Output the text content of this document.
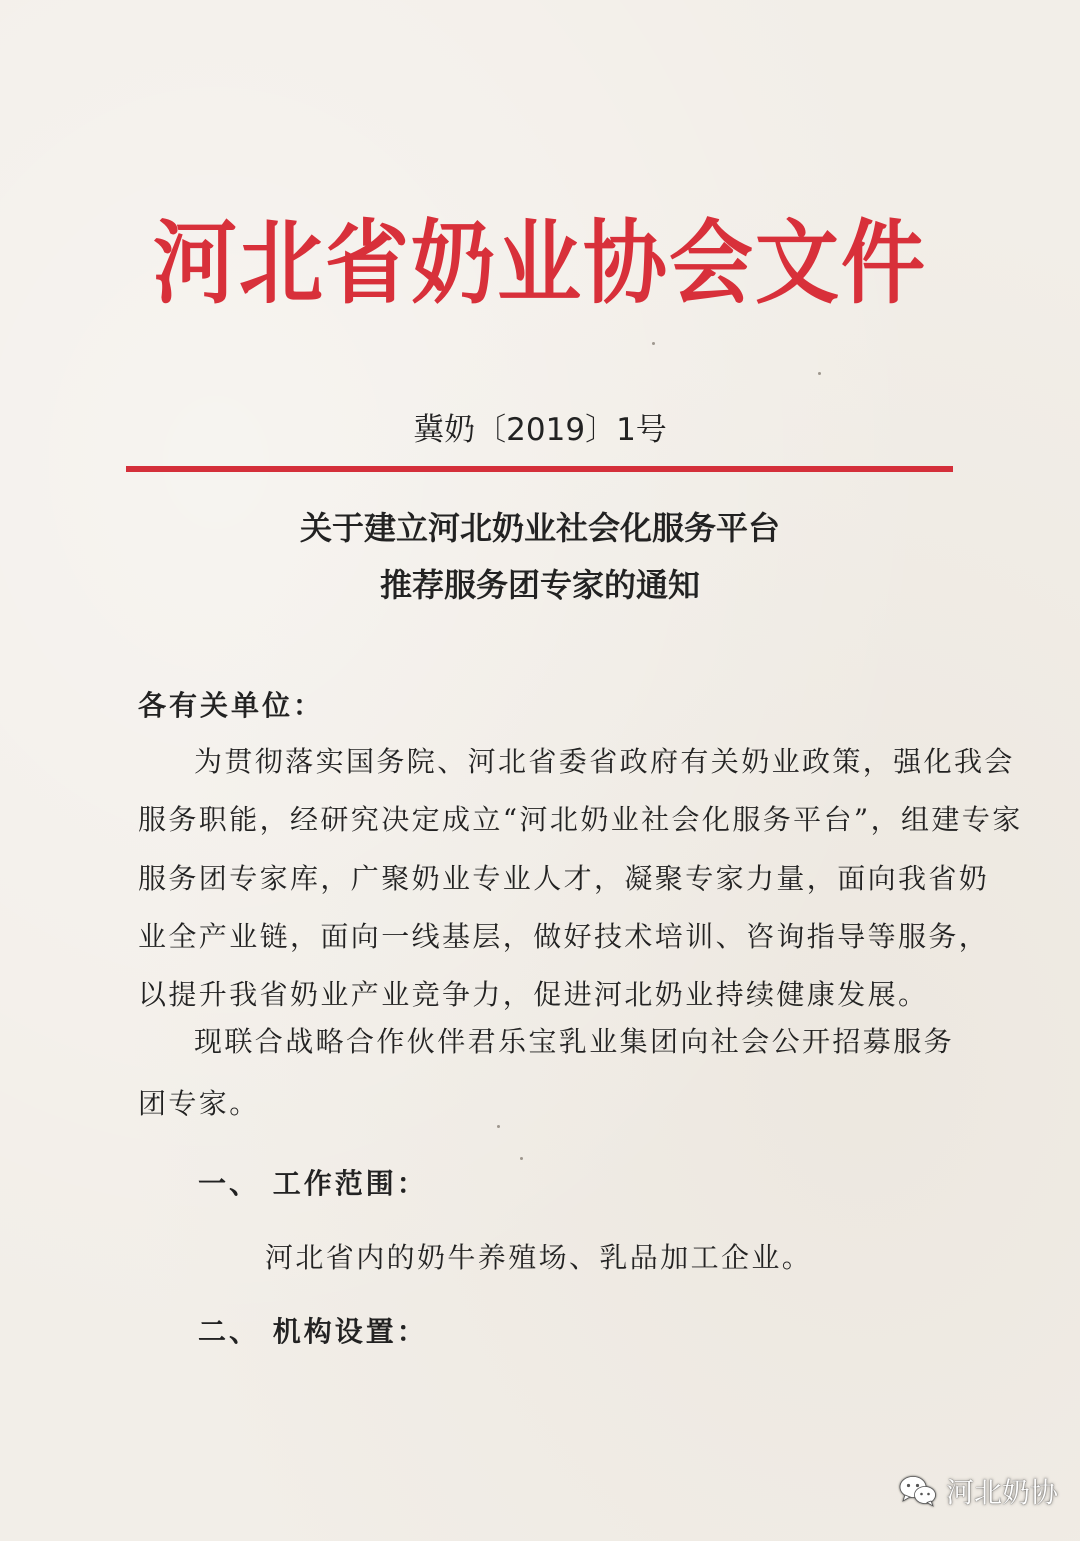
河北省奶业协会文件
冀奶〔2019〕1号
关于建立河北奶业社会化服务平台
推荐服务团专家的通知
各有关单位：
为贯彻落实国务院、河北省委省政府有关奶业政策，强化我会
服务职能，经研究决定成立“河北奶业社会化服务平台”，组建专家
服务团专家库，广聚奶业专业人才，凝聚专家力量，面向我省奶
业全产业链，面向一线基层，做好技术培训、咨询指导等服务，
以提升我省奶业产业竞争力，促进河北奶业持续健康发展。
现联合战略合作伙伴君乐宝乳业集团向社会公开招募服务
团专家。
一、 工作范围：
河北省内的奶牛养殖场、乳品加工企业。
二、 机构设置：
河北奶协
